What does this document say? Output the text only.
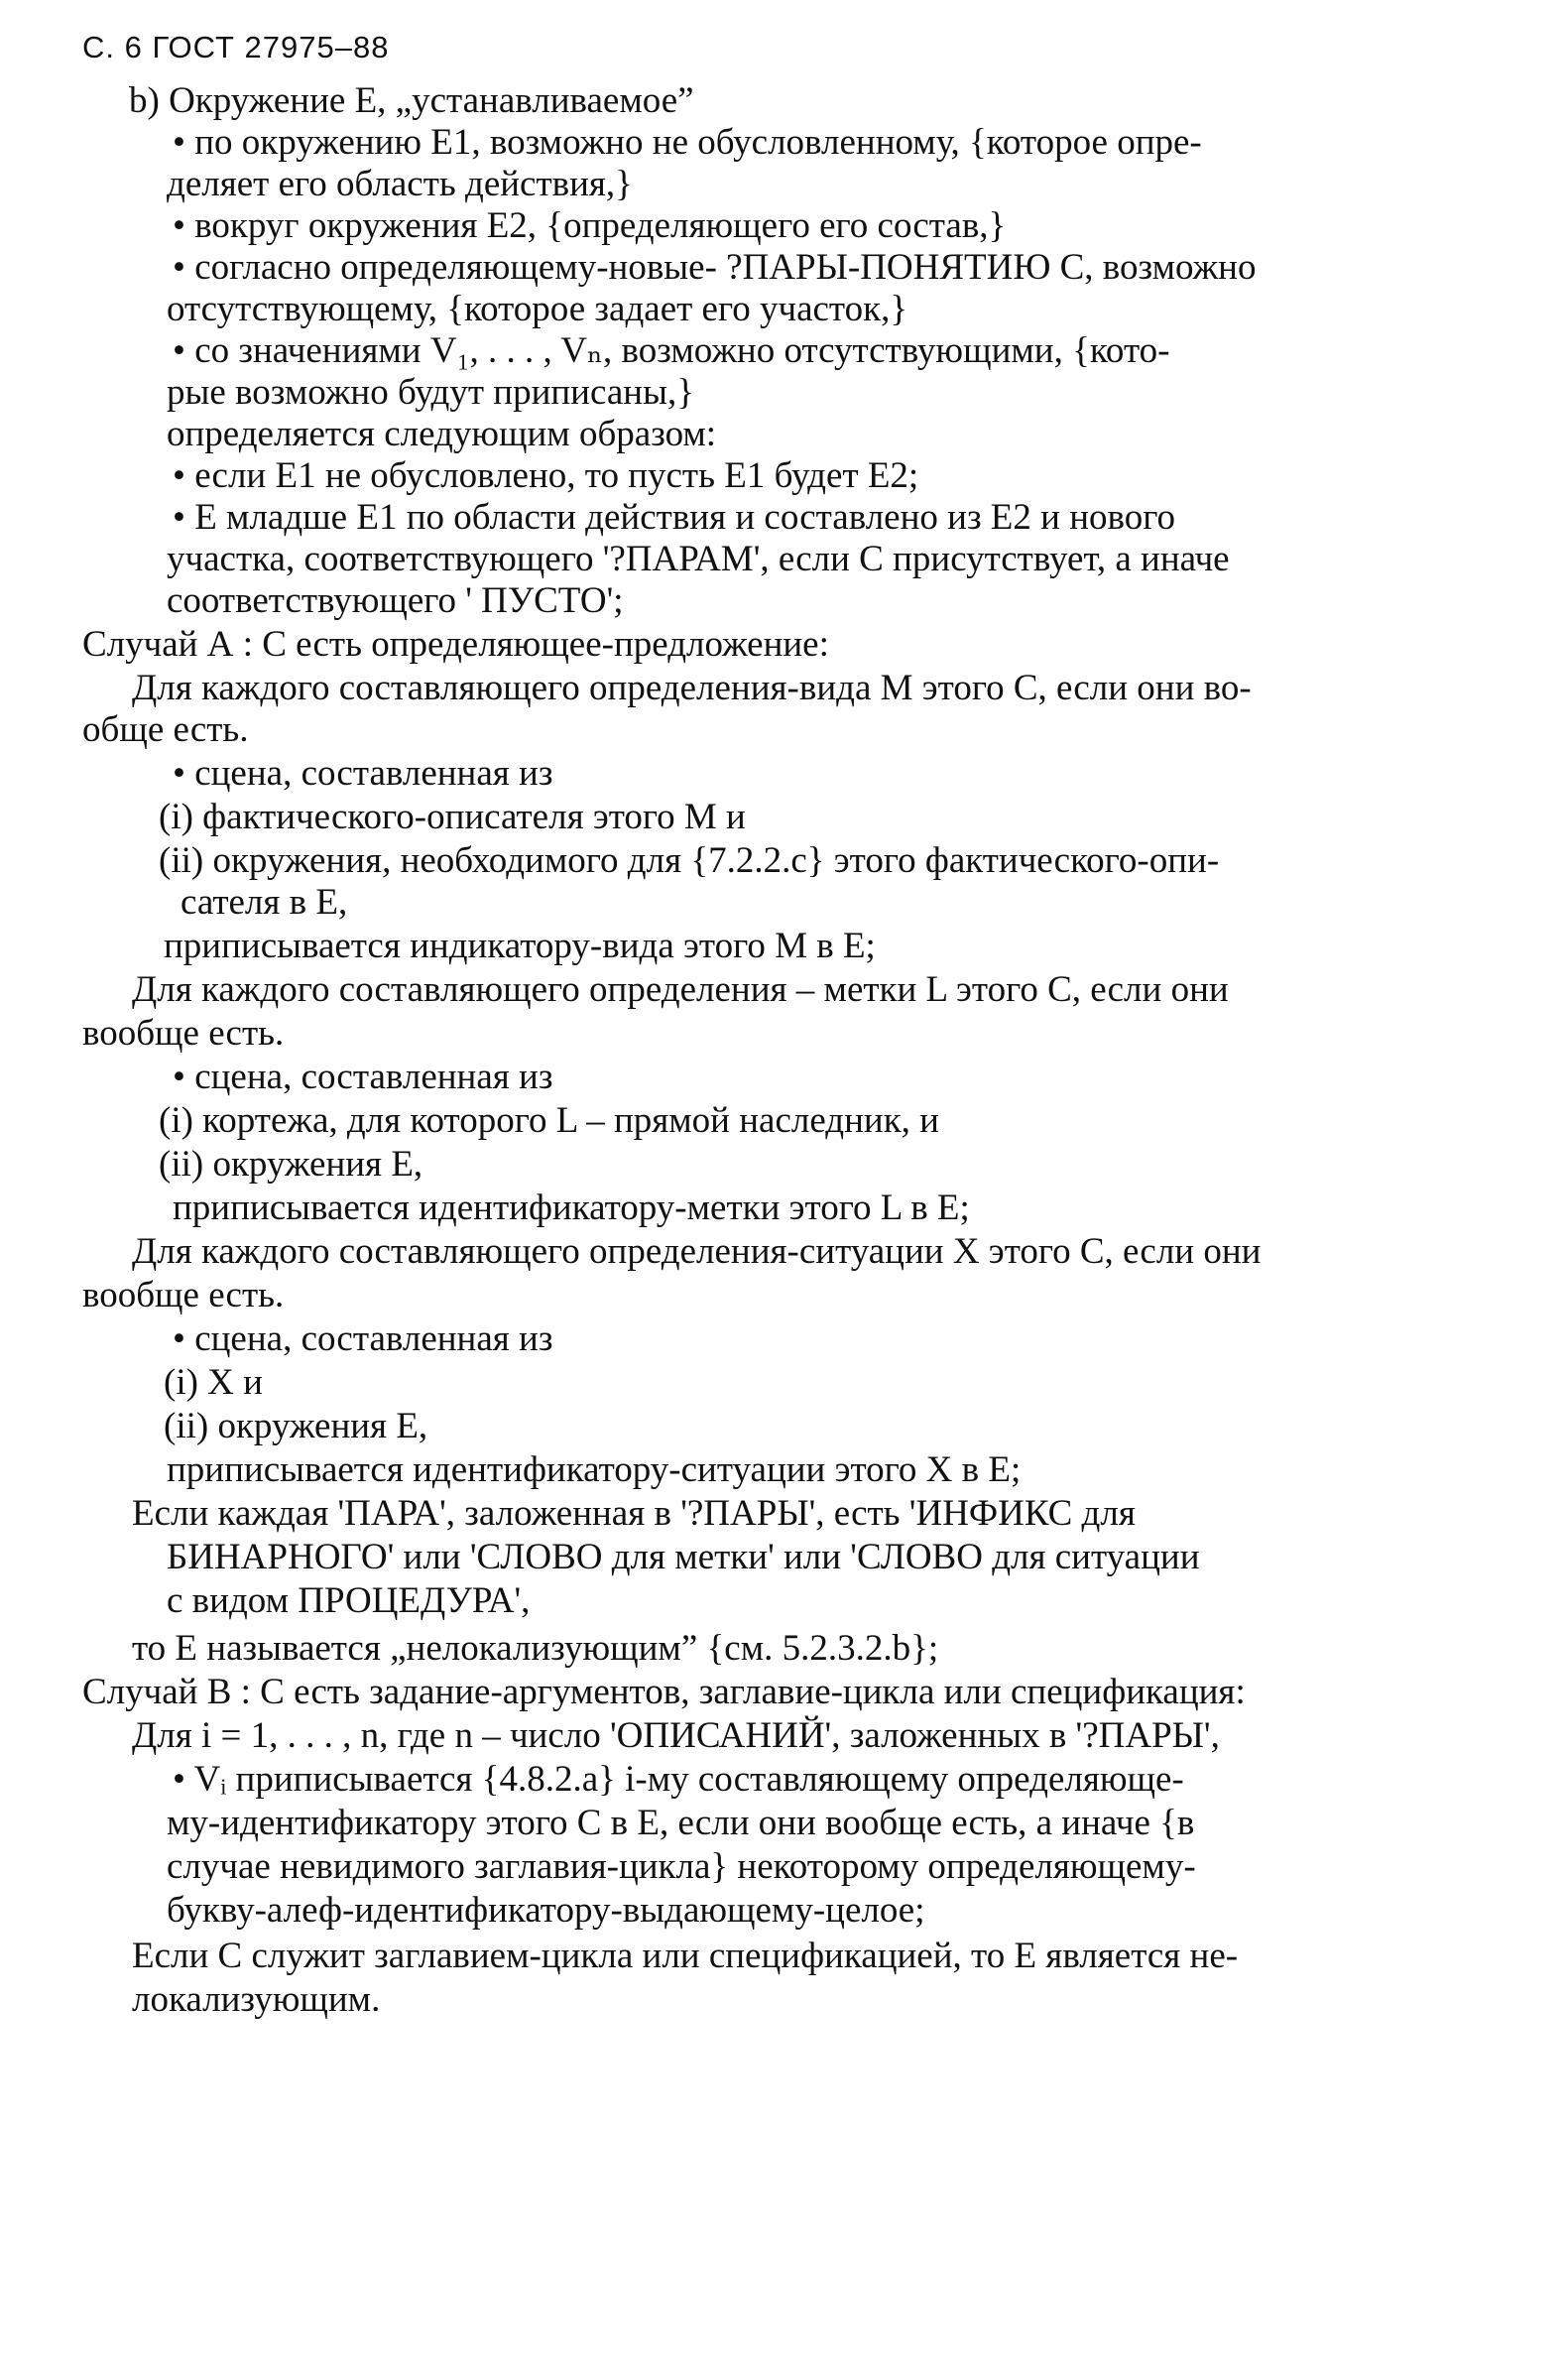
С. 6 ГОСТ 27975–88
b) Окружение Е, „устанавливаемое”
• по окружению Е1, возможно не обусловленному, {которое опре-
деляет его область действия,}
• вокруг окружения Е2, {определяющего его состав,}
• согласно определяющему-новые- ?ПАРЫ-ПОНЯТИЮ С, возможно
отсутствующему, {которое задает его участок,}
• со значениями V₁, . . . , Vₙ, возможно отсутствующими, {кото-
рые возможно будут приписаны,}
определяется следующим образом:
• если Е1 не обусловлено, то пусть Е1 будет Е2;
• Е младше Е1 по области действия и составлено из Е2 и нового
участка, соответствующего '?ПАРАМ', если С присутствует, а иначе
соответствующего ' ПУСТО';
Случай А : С есть определяющее-предложение:
Для каждого составляющего определения-вида М этого С, если они во-
обще есть.
• сцена, составленная из
(i) фактического-описателя этого М и
(ii) окружения, необходимого для {7.2.2.c} этого фактического-опи-
сателя в Е,
приписывается индикатору-вида этого М в Е;
Для каждого составляющего определения – метки L этого С, если они
вообще есть.
• сцена, составленная из
(i) кортежа, для которого L – прямой наследник, и
(ii) окружения Е,
приписывается идентификатору-метки этого L в Е;
Для каждого составляющего определения-ситуации Х этого С, если они
вообще есть.
• сцена, составленная из
(i) Х и
(ii) окружения Е,
приписывается идентификатору-ситуации этого Х в Е;
Если каждая 'ПАРА', заложенная в '?ПАРЫ', есть 'ИНФИКС для
БИНАРНОГО' или 'СЛОВО для метки' или 'СЛОВО для ситуации
с видом ПРОЦЕДУРА',
то Е называется „нелокализующим” {см. 5.2.3.2.b};
Случай В : С есть задание-аргументов, заглавие-цикла или спецификация:
Для i = 1, . . . , n, где n – число 'ОПИСАНИЙ', заложенных в '?ПАРЫ',
• Vᵢ приписывается {4.8.2.a} i-му составляющему определяюще-
му-идентификатору этого С в Е, если они вообще есть, а иначе {в
случае невидимого заглавия-цикла} некоторому определяющему-
букву-алеф-идентификатору-выдающему-целое;
Если С служит заглавием-цикла или спецификацией, то Е является не-
локализующим.
